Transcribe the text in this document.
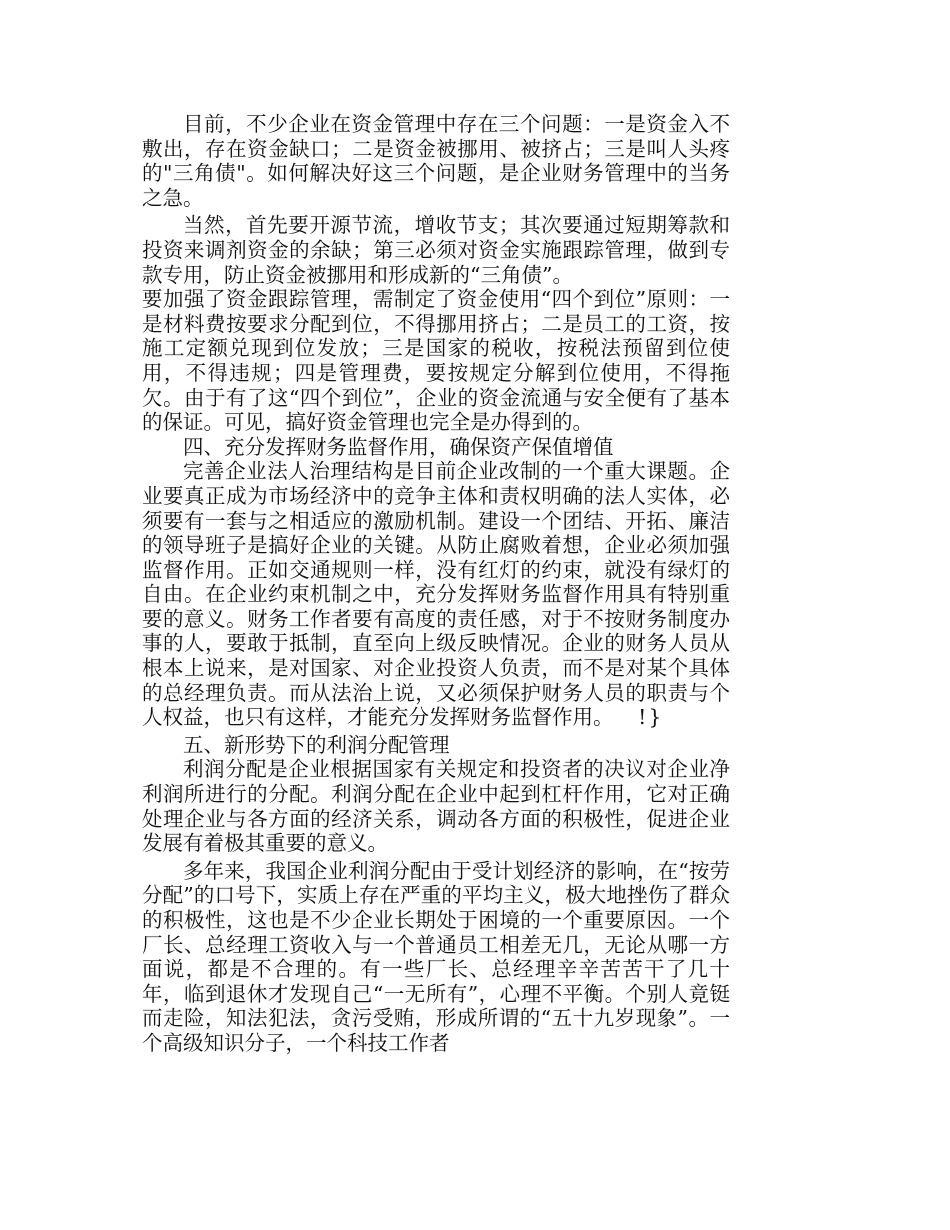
目前，不少企业在资金管理中存在三个问题：一是资金入不敷出，存在资金缺口；二是资金被挪用、被挤占；三是叫人头疼的"三角债"。如何解决好这三个问题，是企业财务管理中的当务之急。

当然，首先要开源节流，增收节支；其次要通过短期筹款和投资来调剂资金的余缺；第三必须对资金实施跟踪管理，做到专款专用，防止资金被挪用和形成新的“三角债”。

要加强了资金跟踪管理，需制定了资金使用“四个到位”原则：一是材料费按要求分配到位，不得挪用挤占；二是员工的工资，按施工定额兑现到位发放；三是国家的税收，按税法预留到位使用，不得违规；四是管理费，要按规定分解到位使用，不得拖欠。由于有了这“四个到位”，企业的资金流通与安全便有了基本的保证。可见，搞好资金管理也完全是办得到的。

四、充分发挥财务监督作用，确保资产保值增值

完善企业法人治理结构是目前企业改制的一个重大课题。企业要真正成为市场经济中的竞争主体和责权明确的法人实体，必须要有一套与之相适应的激励机制。建设一个团结、开拓、廉洁的领导班子是搞好企业的关键。从防止腐败着想，企业必须加强监督作用。正如交通规则一样，没有红灯的约束，就没有绿灯的自由。在企业约束机制之中，充分发挥财务监督作用具有特别重要的意义。财务工作者要有高度的责任感，对于不按财务制度办事的人，要敢于抵制，直至向上级反映情况。企业的财务人员从根本上说来，是对国家、对企业投资人负责，而不是对某个具体的总经理负责。而从法治上说，又必须保护财务人员的职责与个人权益，也只有这样，才能充分发挥财务监督作用。 !}

五、新形势下的利润分配管理

利润分配是企业根据国家有关规定和投资者的决议对企业净利润所进行的分配。利润分配在企业中起到杠杆作用，它对正确处理企业与各方面的经济关系，调动各方面的积极性，促进企业发展有着极其重要的意义。

多年来，我国企业利润分配由于受计划经济的影响，在“按劳分配”的口号下，实质上存在严重的平均主义，极大地挫伤了群众的积极性，这也是不少企业长期处于困境的一个重要原因。一个厂长、总经理工资收入与一个普通员工相差无几，无论从哪一方面说，都是不合理的。有一些厂长、总经理辛辛苦苦干了几十年，临到退休才发现自己“一无所有”，心理不平衡。个别人竟铤而走险，知法犯法，贪污受贿，形成所谓的“五十九岁现象”。一个高级知识分子，一个科技工作者
